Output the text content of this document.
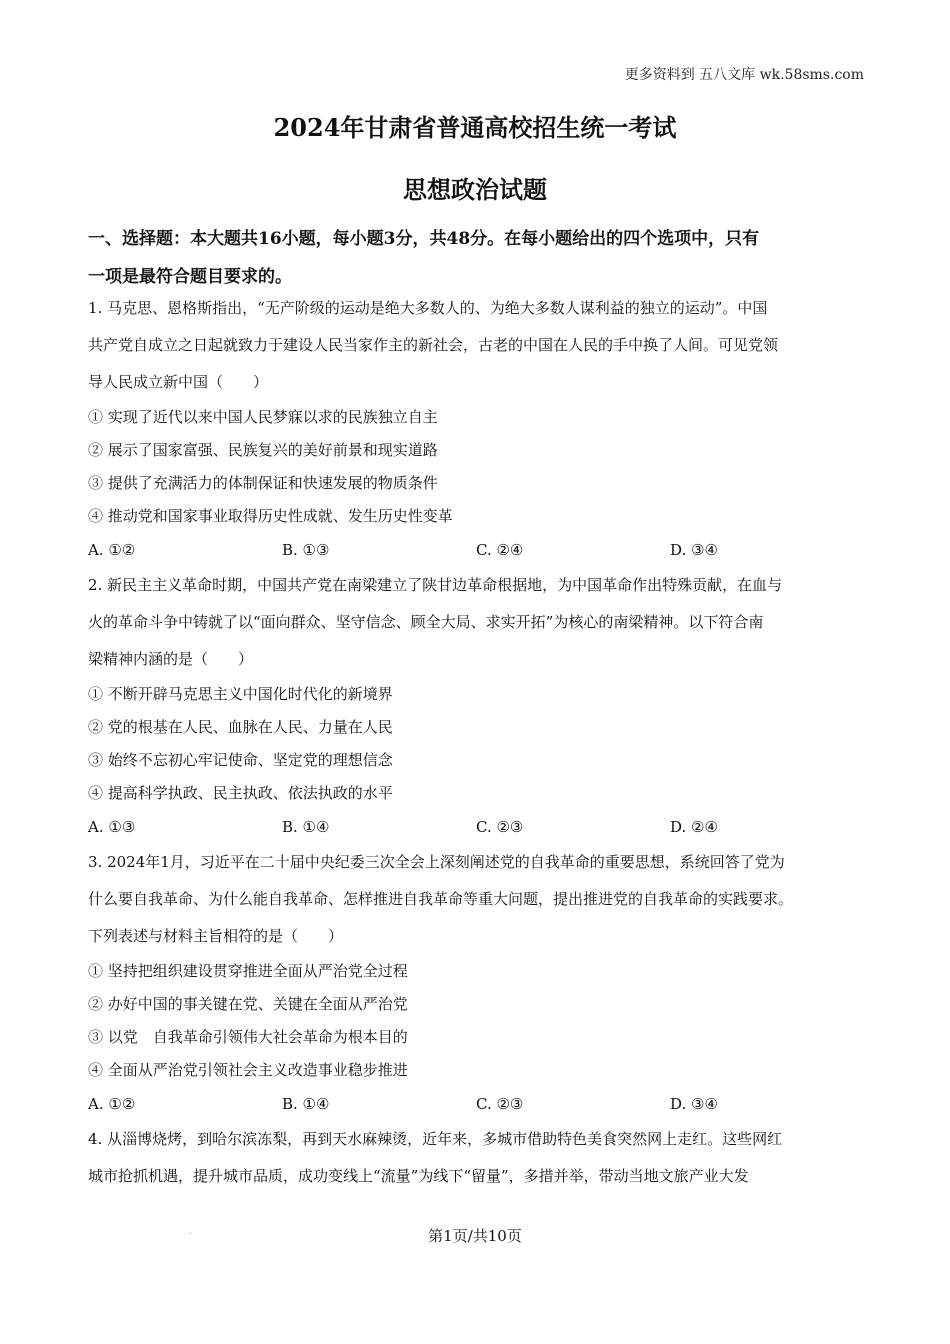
更多资料到 五八文库 wk.58sms.com
2024年甘肃省普通高校招生统一考试
思想政治试题
一、选择题：本大题共16小题，每小题3分，共48分。在每小题给出的四个选项中，只有
一项是最符合题目要求的。
1. 马克思、恩格斯指出，“无产阶级的运动是绝大多数人的、为绝大多数人谋利益的独立的运动”。中国
共产党自成立之日起就致力于建设人民当家作主的新社会，古老的中国在人民的手中换了人间。可见党领
导人民成立新中国（　　）
① 实现了近代以来中国人民梦寐以求的民族独立自主
② 展示了国家富强、民族复兴的美好前景和现实道路
③ 提供了充满活力的体制保证和快速发展的物质条件
④ 推动党和国家事业取得历史性成就、发生历史性变革
A. ①②	B. ①③	C. ②④	D. ③④
2. 新民主主义革命时期，中国共产党在南梁建立了陕甘边革命根据地，为中国革命作出特殊贡献，在血与
火的革命斗争中铸就了以“面向群众、坚守信念、顾全大局、求实开拓”为核心的南梁精神。以下符合南
梁精神内涵的是（　　）
① 不断开辟马克思主义中国化时代化的新境界
② 党的根基在人民、血脉在人民、力量在人民
③ 始终不忘初心牢记使命、坚定党的理想信念
④ 提高科学执政、民主执政、依法执政的水平
A. ①③	B. ①④	C. ②③	D. ②④
3. 2024年1月，习近平在二十届中央纪委三次全会上深刻阐述党的自我革命的重要思想，系统回答了党为
什么要自我革命、为什么能自我革命、怎样推进自我革命等重大问题，提出推进党的自我革命的实践要求。
下列表述与材料主旨相符的是（　　）
① 坚持把组织建设贯穿推进全面从严治党全过程
② 办好中国的事关键在党、关键在全面从严治党
③ 以党　自我革命引领伟大社会革命为根本目的
④ 全面从严治党引领社会主义改造事业稳步推进
A. ①②	B. ①④	C. ②③	D. ③④
4. 从淄博烧烤，到哈尔滨冻梨，再到天水麻辣烫，近年来，多城市借助特色美食突然网上走红。这些网红
城市抢抓机遇，提升城市品质，成功变线上“流量”为线下“留量”，多措并举，带动当地文旅产业大发
.	第1页/共10页
